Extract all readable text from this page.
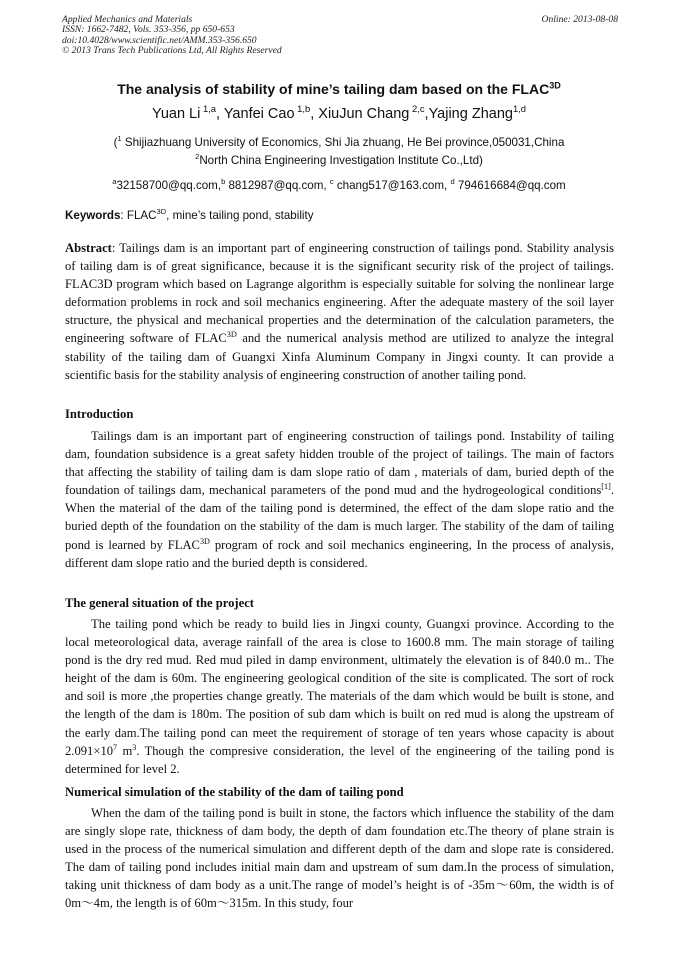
Applied Mechanics and Materials
ISSN: 1662-7482, Vols. 353-356, pp 650-653
doi:10.4028/www.scientific.net/AMM.353-356.650
© 2013 Trans Tech Publications Ltd, All Rights Reserved
Online: 2013-08-08
The analysis of stability of mine’s tailing dam based on the $FLAC^{3D}$
Yuan Li $^{1,a}$, Yanfei Cao $^{1,b}$, XiuJun Chang $^{2,c}$,Yajing Zhang$^{1,d}$
($^1$ Shijiazhuang University of Economics, Shi Jia zhuang, He Bei province,050031,China
$^2$North China Engineering Investigation Institute Co.,Ltd)
$^a$32158700@qq.com,$^b$ 8812987@qq.com, $^c$ chang517@163.com, $^d$ 794616684@qq.com
Keywords: $FLAC^{3D}$, mine’s tailing pond, stability

Abstract: Tailings dam is an important part of engineering construction of tailings pond. Stability analysis of tailing dam is of great significance, because it is the significant security risk of the project of tailings. FLAC3D program which based on Lagrange algorithm is especially suitable for solving the nonlinear large deformation problems in rock and soil mechanics engineering. After the adequate mastery of the soil layer structure, the physical and mechanical properties and the determination of the calculation parameters, the engineering software of $FLAC^{3D}$ and the numerical analysis method are utilized to analyze the integral stability of the tailing dam of Guangxi Xinfa Aluminum Company in Jingxi county. It can provide a scientific basis for the stability analysis of engineering construction of another tailing pond.

Introduction

Tailings dam is an important part of engineering construction of tailings pond. Instability of tailing dam, foundation subsidence is a great safety hidden trouble of the project of tailings. The main of factors that affecting the stability of tailing dam is dam slope ratio of dam , materials of dam, buried depth of the foundation of tailings dam, mechanical parameters of the pond mud and the hydrogeological conditions[1]. When the material of the dam of the tailing pond is determined, the effect of the dam slope ratio and the buried depth of the foundation on the stability of the dam is much larger. The stability of the dam of tailing pond is learned by $FLAC^{3D}$ program of rock and soil mechanics engineering, In the process of analysis, different dam slope ratio and the buried depth is considered.

The general situation of the project

The tailing pond which be ready to build lies in Jingxi county, Guangxi province. According to the local meteorological data, average rainfall of the area is close to 1600.8 mm. The main storage of tailing pond is the dry red mud. Red mud piled in damp environment, ultimately the elevation is of 840.0 m.. The height of the dam is 60m. The engineering geological condition of the site is complicated. The sort of rock and soil is more ,the properties change greatly. The materials of the dam which would be built is stone, and the length of the dam is 180m. The position of sub dam which is built on red mud is along the upstream of the early dam.The tailing pond can meet the requirement of storage of ten years whose capacity is about $2.091\times 10^7$ $m^3$. Though the compresive consideration, the level of the engineering of the tailing pond is determined for level 2.

Numerical simulation of the stability of the dam of tailing pond

When the dam of the tailing pond is built in stone, the factors which influence the stability of the dam are singly slope rate, thickness of dam body, the depth of dam foundation etc.The theory of plane strain is used in the process of the numerical simulation and different depth of the dam and slope rate is considered. The dam of tailing pond includes initial main dam and upstream of sum dam.In the process of simulation, taking unit thickness of dam body as a unit.The range of model’s height is of -35m～60m, the width is of 0m～4m, the length is of 60m～315m. In this study, four
